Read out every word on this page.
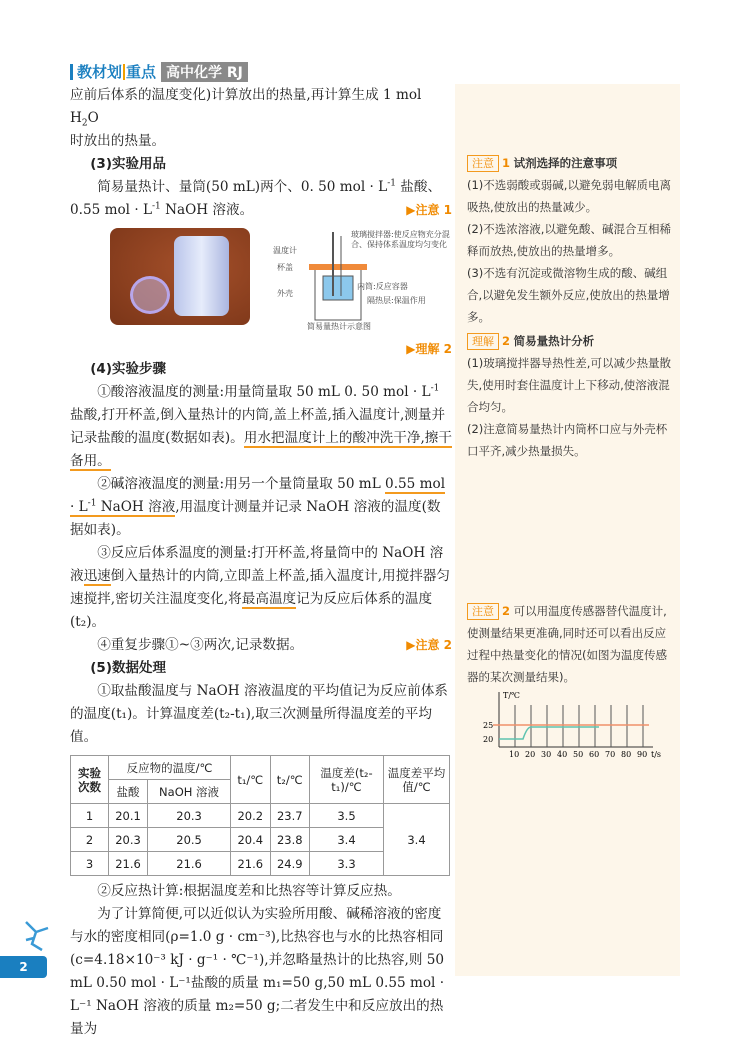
教材划 重点 高中化学 RJ

应前后体系的温度变化)计算放出的热量,再计算生成 1 mol $H_2O$

时放出的热量。

(3)实验用品

简易量热计、量筒(50 mL)两个、0. 50 mol · $L^{-1}$ 盐酸、

0.55 mol · $L^{-1}$ NaOH 溶液。	▶注意 1

玻璃搅拌器:使反应物充分混合、保持体系温度均匀变化
温度计
杯盖
内筒:反应容器
外壳
隔热层:保温作用
简易量热计示意图
▶理解 2

(4)实验步骤

①酸溶液温度的测量:用量筒量取 50 mL 0. 50 mol · $L^{-1}$ 盐酸,打开杯盖,倒入量热计的内筒,盖上杯盖,插入温度计,测量并记录盐酸的温度(数据如表)。用水把温度计上的酸冲洗干净,擦干备用。

②碱溶液温度的测量:用另一个量筒量取 50 mL 0.55 mol · $L^{-1}$ NaOH 溶液,用温度计测量并记录 NaOH 溶液的温度(数据如表)。

③反应后体系温度的测量:打开杯盖,将量筒中的 NaOH 溶液迅速倒入量热计的内筒,立即盖上杯盖,插入温度计,用搅拌器匀速搅拌,密切关注温度变化,将最高温度记为反应后体系的温度(t₂)。

④重复步骤①~③两次,记录数据。	▶注意 2

(5)数据处理

①取盐酸温度与 NaOH 溶液温度的平均值记为反应前体系的温度(t₁)。计算温度差(t₂-t₁),取三次测量所得温度差的平均值。

实验次数	反应物的温度/℃		t₁/℃	t₂/℃	温度差(t₂-t₁)/℃	温度差平均值/℃
	盐酸	NaOH 溶液				
1	20.1	20.3	20.2	23.7	3.5	3.4
2	20.3	20.5	20.4	23.8	3.4	
3	21.6	21.6	21.6	24.9	3.3	

②反应热计算:根据温度差和比热容等计算反应热。

为了计算简便,可以近似认为实验所用酸、碱稀溶液的密度与水的密度相同(ρ=1.0 g · cm⁻³),比热容也与水的比热容相同(c=4.18×10⁻³ kJ · g⁻¹ · ℃⁻¹),并忽略量热计的比热容,则 50 mL 0.50 mol · L⁻¹盐酸的质量 m₁=50 g,50 mL 0.55 mol · L⁻¹ NaOH 溶液的质量 m₂=50 g;二者发生中和反应放出的热量为

注意 1 试剂选择的注意事项
(1)不选弱酸或弱碱,以避免弱电解质电离吸热,使放出的热量减少。
(2)不选浓溶液,以避免酸、碱混合互相稀释而放热,使放出的热量增多。
(3)不选有沉淀或微溶物生成的酸、碱组合,以避免发生额外反应,使放出的热量增多。
理解 2 简易量热计分析
(1)玻璃搅拌器导热性差,可以减少热量散失,使用时套住温度计上下移动,使溶液混合均匀。
(2)注意简易量热计内筒杯口应与外壳杯口平齐,减少热量损失。
注意 2 可以用温度传感器替代温度计,使测量结果更准确,同时还可以看出反应过程中热量变化的情况(如图为温度传感器的某次测量结果)。
T/℃
25
20
10 20 30 40 50 60 70 80 90 t/s
2
